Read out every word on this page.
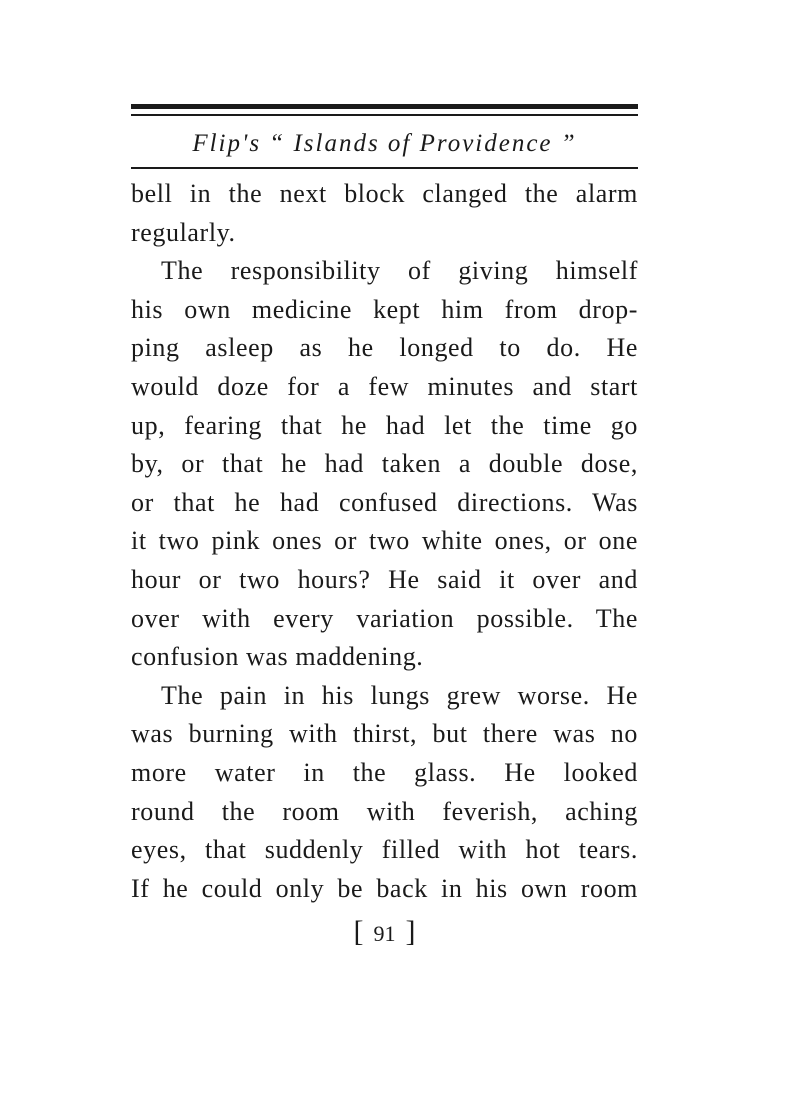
Flip's “ Islands of Providence ”
bell in the next block clanged the alarm
regularly.
The responsibility of giving himself
his own medicine kept him from drop-
ping asleep as he longed to do. He
would doze for a few minutes and start
up, fearing that he had let the time go
by, or that he had taken a double dose,
or that he had confused directions. Was
it two pink ones or two white ones, or one
hour or two hours? He said it over and
over with every variation possible. The
confusion was maddening.
The pain in his lungs grew worse. He
was burning with thirst, but there was no
more water in the glass. He looked
round the room with feverish, aching
eyes, that suddenly filled with hot tears.
If he could only be back in his own room
[ 91 ]
